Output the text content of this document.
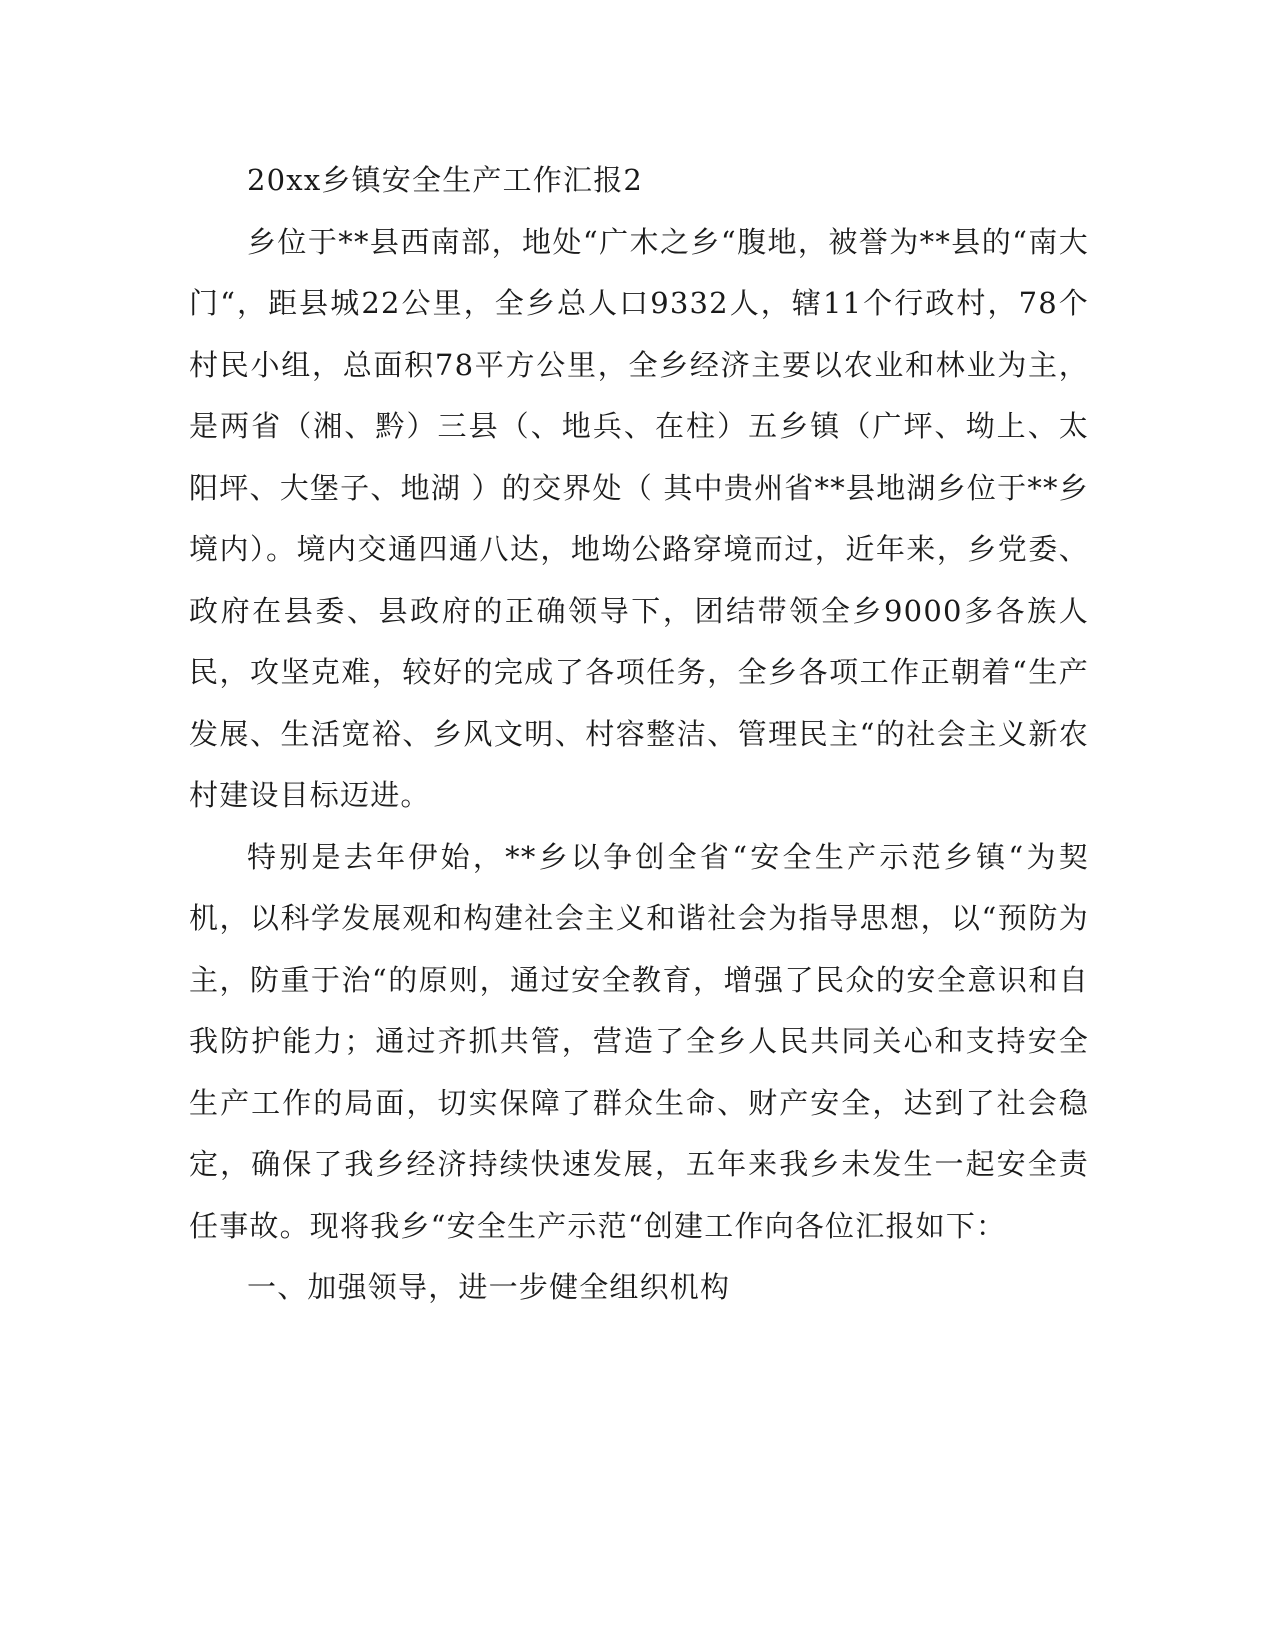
20xx乡镇安全生产工作汇报2

乡位于**县西南部，地处“广木之乡“腹地，被誉为**县的“南大门“，距县城22公里，全乡总人口9332人，辖11个行政村，78个村民小组，总面积78平方公里，全乡经济主要以农业和林业为主，是两省（湘、黔）三县（、地兵、在柱）五乡镇（广坪、坳上、太阳坪、大堡子、地湖 ）的交界处（ 其中贵州省**县地湖乡位于**乡境内）。境内交通四通八达，地坳公路穿境而过，近年来，乡党委、政府在县委、县政府的正确领导下，团结带领全乡9000多各族人民，攻坚克难，较好的完成了各项任务，全乡各项工作正朝着“生产发展、生活宽裕、乡风文明、村容整洁、管理民主“的社会主义新农村建设目标迈进。

特别是去年伊始，**乡以争创全省“安全生产示范乡镇“为契机，以科学发展观和构建社会主义和谐社会为指导思想，以“预防为主，防重于治“的原则，通过安全教育，增强了民众的安全意识和自我防护能力；通过齐抓共管，营造了全乡人民共同关心和支持安全生产工作的局面，切实保障了群众生命、财产安全，达到了社会稳定，确保了我乡经济持续快速发展，五年来我乡未发生一起安全责任事故。现将我乡“安全生产示范“创建工作向各位汇报如下：

一、加强领导，进一步健全组织机构
